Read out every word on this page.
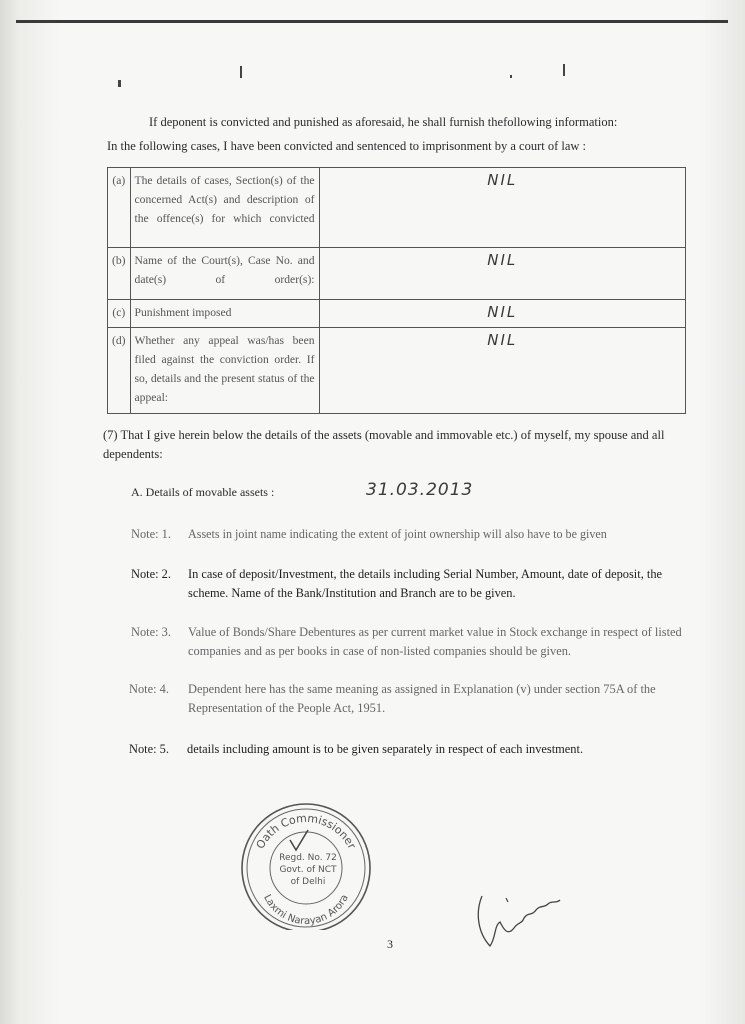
If deponent is convicted and punished as aforesaid, he shall furnish thefollowing information:
In the following cases, I have been convicted and sentenced to imprisonment by a court of law :
(a)	The details of cases, Section(s) of the concerned Act(s) and description of the offence(s) for which convicted	NIL
(b)	Name of the Court(s), Case No. and date(s) of order(s):	NIL
(c)	Punishment imposed	NIL
(d)	Whether any appeal was/has been filed against the conviction order. If so, details and the present status of the appeal:	NIL
(7) That I give herein below the details of the assets (movable and immovable etc.) of myself, my spouse and all dependents:
A. Details of movable assets :	31.03.2013
Note: 1. Assets in joint name indicating the extent of joint ownership will also have to be given
Note: 2. In case of deposit/Investment, the details including Serial Number, Amount, date of deposit, the scheme. Name of the Bank/Institution and Branch are to be given.
Note: 3. Value of Bonds/Share Debentures as per current market value in Stock exchange in respect of listed companies and as per books in case of non-listed companies should be given.
Note: 4. Dependent here has the same meaning as assigned in Explanation (v) under section 75A of the Representation of the People Act, 1951.
Note: 5. details including amount is to be given separately in respect of each investment.
Oath Commissioner
Laxmi Narayan Arora
Regd. No. 72
Govt. of NCT
of Delhi
3
